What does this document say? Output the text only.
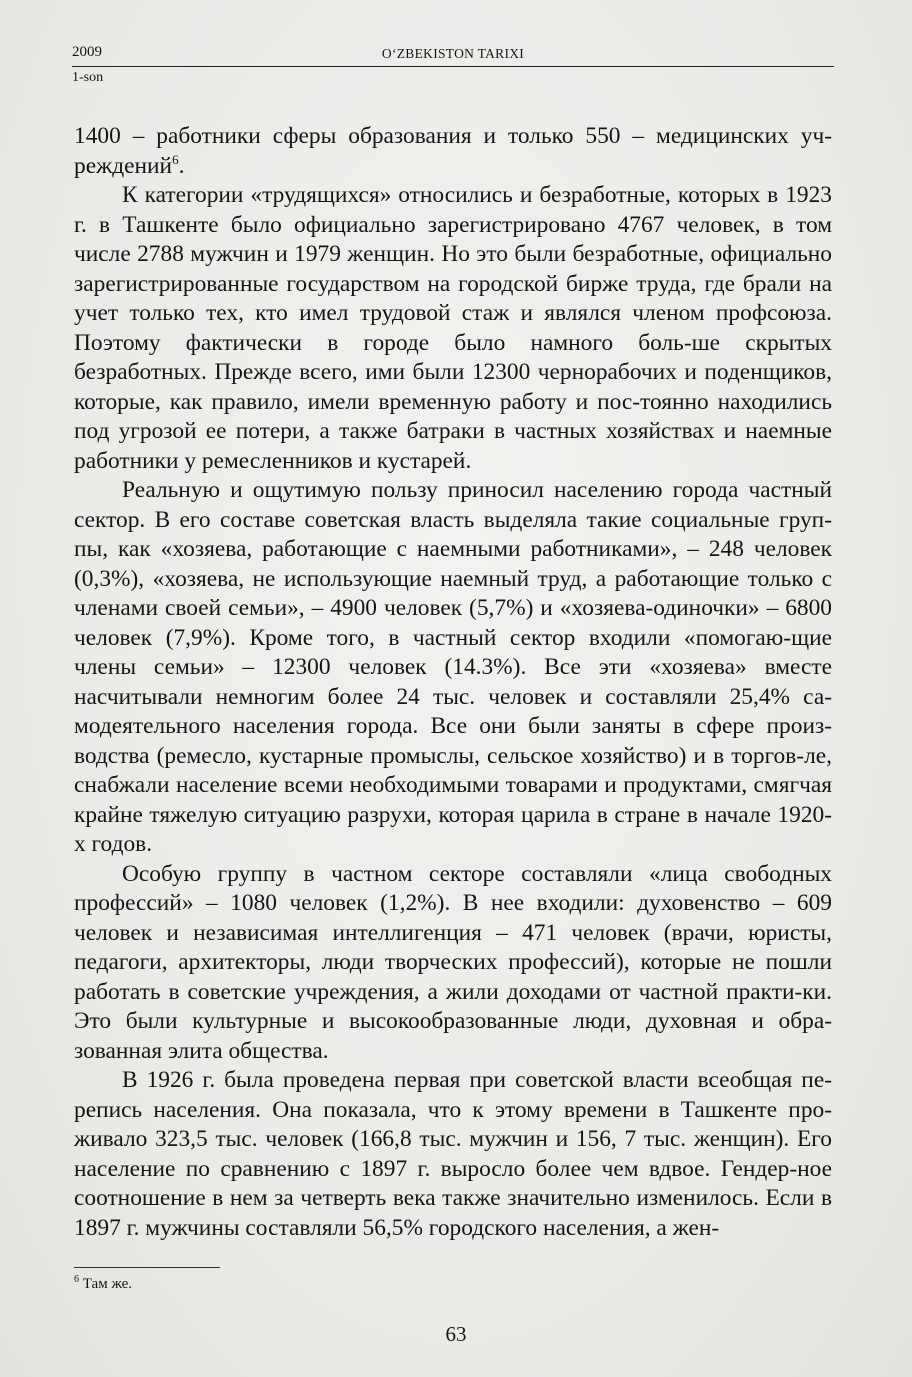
2009	O‘ZBEKISTON TARIXI
1-son

1400 – работники сферы образования и только 550 – медицинских уч-реждений$^6$.

К категории «трудящихся» относились и безработные, которых в 1923 г. в Ташкенте было официально зарегистрировано 4767 человек, в том числе 2788 мужчин и 1979 женщин. Но это были безработные, официально зарегистрированные государством на городской бирже труда, где брали на учет только тех, кто имел трудовой стаж и являлся членом профсоюза. Поэтому фактически в городе было намного боль-ше скрытых безработных. Прежде всего, ими были 12300 чернорабочих и поденщиков, которые, как правило, имели временную работу и пос-тоянно находились под угрозой ее потери, а также батраки в частных хозяйствах и наемные работники у ремесленников и кустарей.

Реальную и ощутимую пользу приносил населению города частный сектор. В его составе советская власть выделяла такие социальные груп-пы, как «хозяева, работающие с наемными работниками», – 248 человек (0,3%), «хозяева, не использующие наемный труд, а работающие только с членами своей семьи», – 4900 человек (5,7%) и «хозяева-одиночки» – 6800 человек (7,9%). Кроме того, в частный сектор входили «помогаю-щие члены семьи» – 12300 человек (14.3%). Все эти «хозяева» вместе насчитывали немногим более 24 тыс. человек и составляли 25,4% са-модеятельного населения города. Все они были заняты в сфере произ-водства (ремесло, кустарные промыслы, сельское хозяйство) и в торгов-ле, снабжали население всеми необходимыми товарами и продуктами, смягчая крайне тяжелую ситуацию разрухи, которая царила в стране в начале 1920-х годов.

Особую группу в частном секторе составляли «лица свободных профессий» – 1080 человек (1,2%). В нее входили: духовенство – 609 человек и независимая интеллигенция – 471 человек (врачи, юристы, педагоги, архитекторы, люди творческих профессий), которые не пошли работать в советские учреждения, а жили доходами от частной практи-ки. Это были культурные и высокообразованные люди, духовная и обра-зованная элита общества.

В 1926 г. была проведена первая при советской власти всеобщая пе-репись населения. Она показала, что к этому времени в Ташкенте про-живало 323,5 тыс. человек (166,8 тыс. мужчин и 156, 7 тыс. женщин). Его население по сравнению с 1897 г. выросло более чем вдвое. Гендер-ное соотношение в нем за четверть века также значительно изменилось. Если в 1897 г. мужчины составляли 56,5% городского населения, а жен-

$^6$ Там же.
63
